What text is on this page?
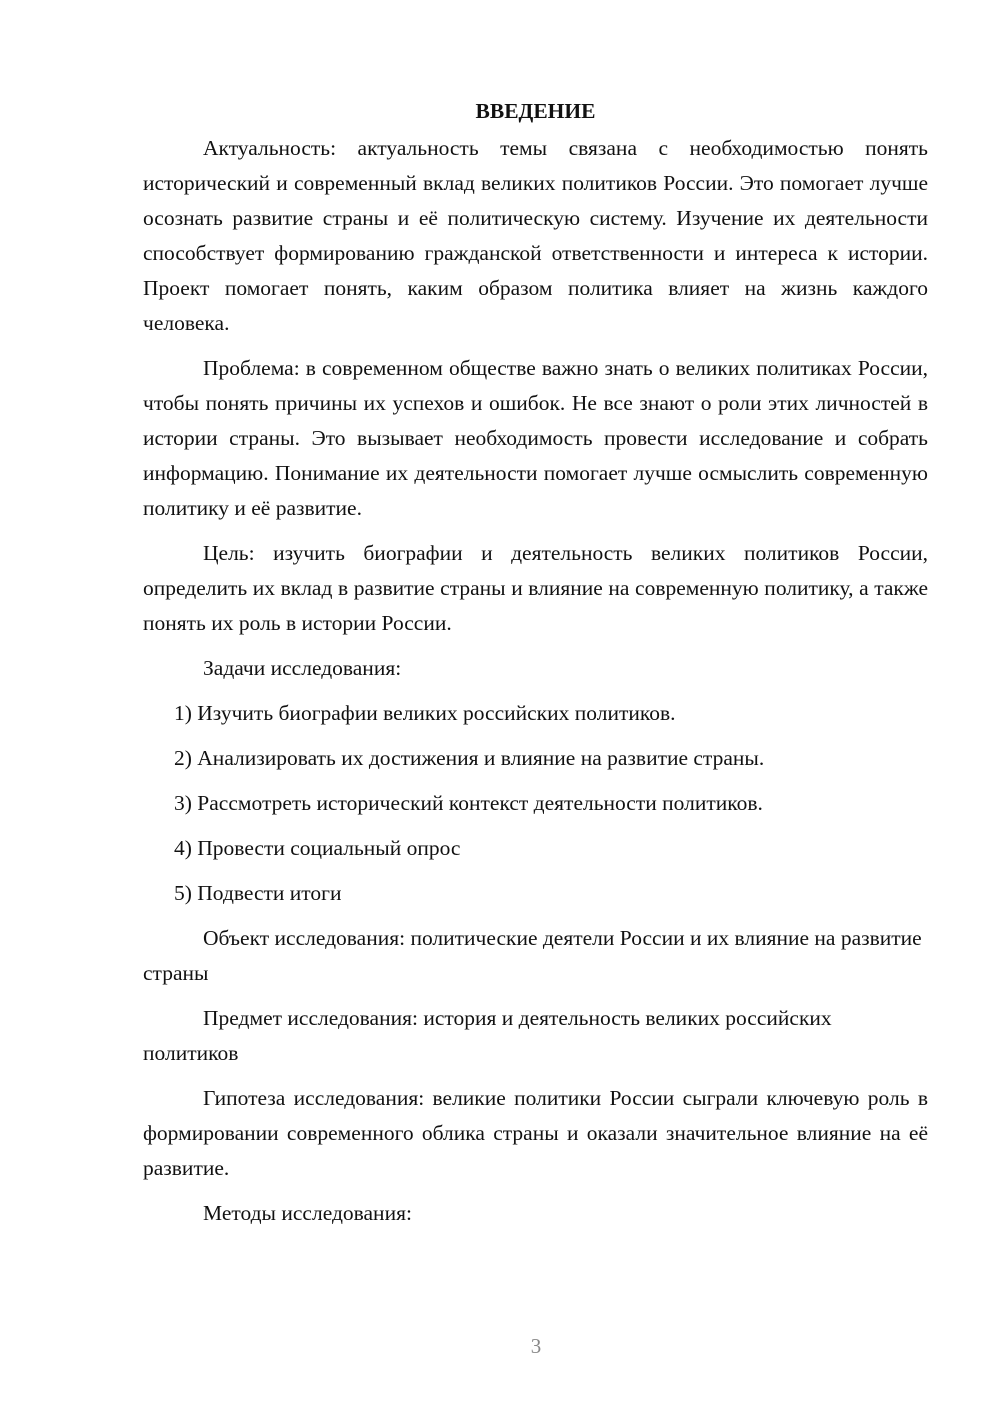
ВВЕДЕНИЕ

Актуальность: актуальность темы связана с необходимостью понять исторический и современный вклад великих политиков России. Это помогает лучше осознать развитие страны и её политическую систему. Изучение их деятельности способствует формированию гражданской ответственности и интереса к истории. Проект помогает понять, каким образом политика влияет на жизнь каждого человека.

Проблема: в современном обществе важно знать о великих политиках России, чтобы понять причины их успехов и ошибок. Не все знают о роли этих личностей в истории страны. Это вызывает необходимость провести исследование и собрать информацию. Понимание их деятельности помогает лучше осмыслить современную политику и её развитие.

Цель: изучить биографии и деятельность великих политиков России, определить их вклад в развитие страны и влияние на современную политику, а также понять их роль в истории России.

Задачи исследования:

1) Изучить биографии великих российских политиков.

2) Анализировать их достижения и влияние на развитие страны.

3) Рассмотреть исторический контекст деятельности политиков.

4) Провести социальный опрос

5) Подвести итоги

Объект исследования: политические деятели России и их влияние на развитие страны

Предмет исследования: история и деятельность великих российских политиков

Гипотеза исследования: великие политики России сыграли ключевую роль в формировании современного облика страны и оказали значительное влияние на её развитие.

Методы исследования:

3
